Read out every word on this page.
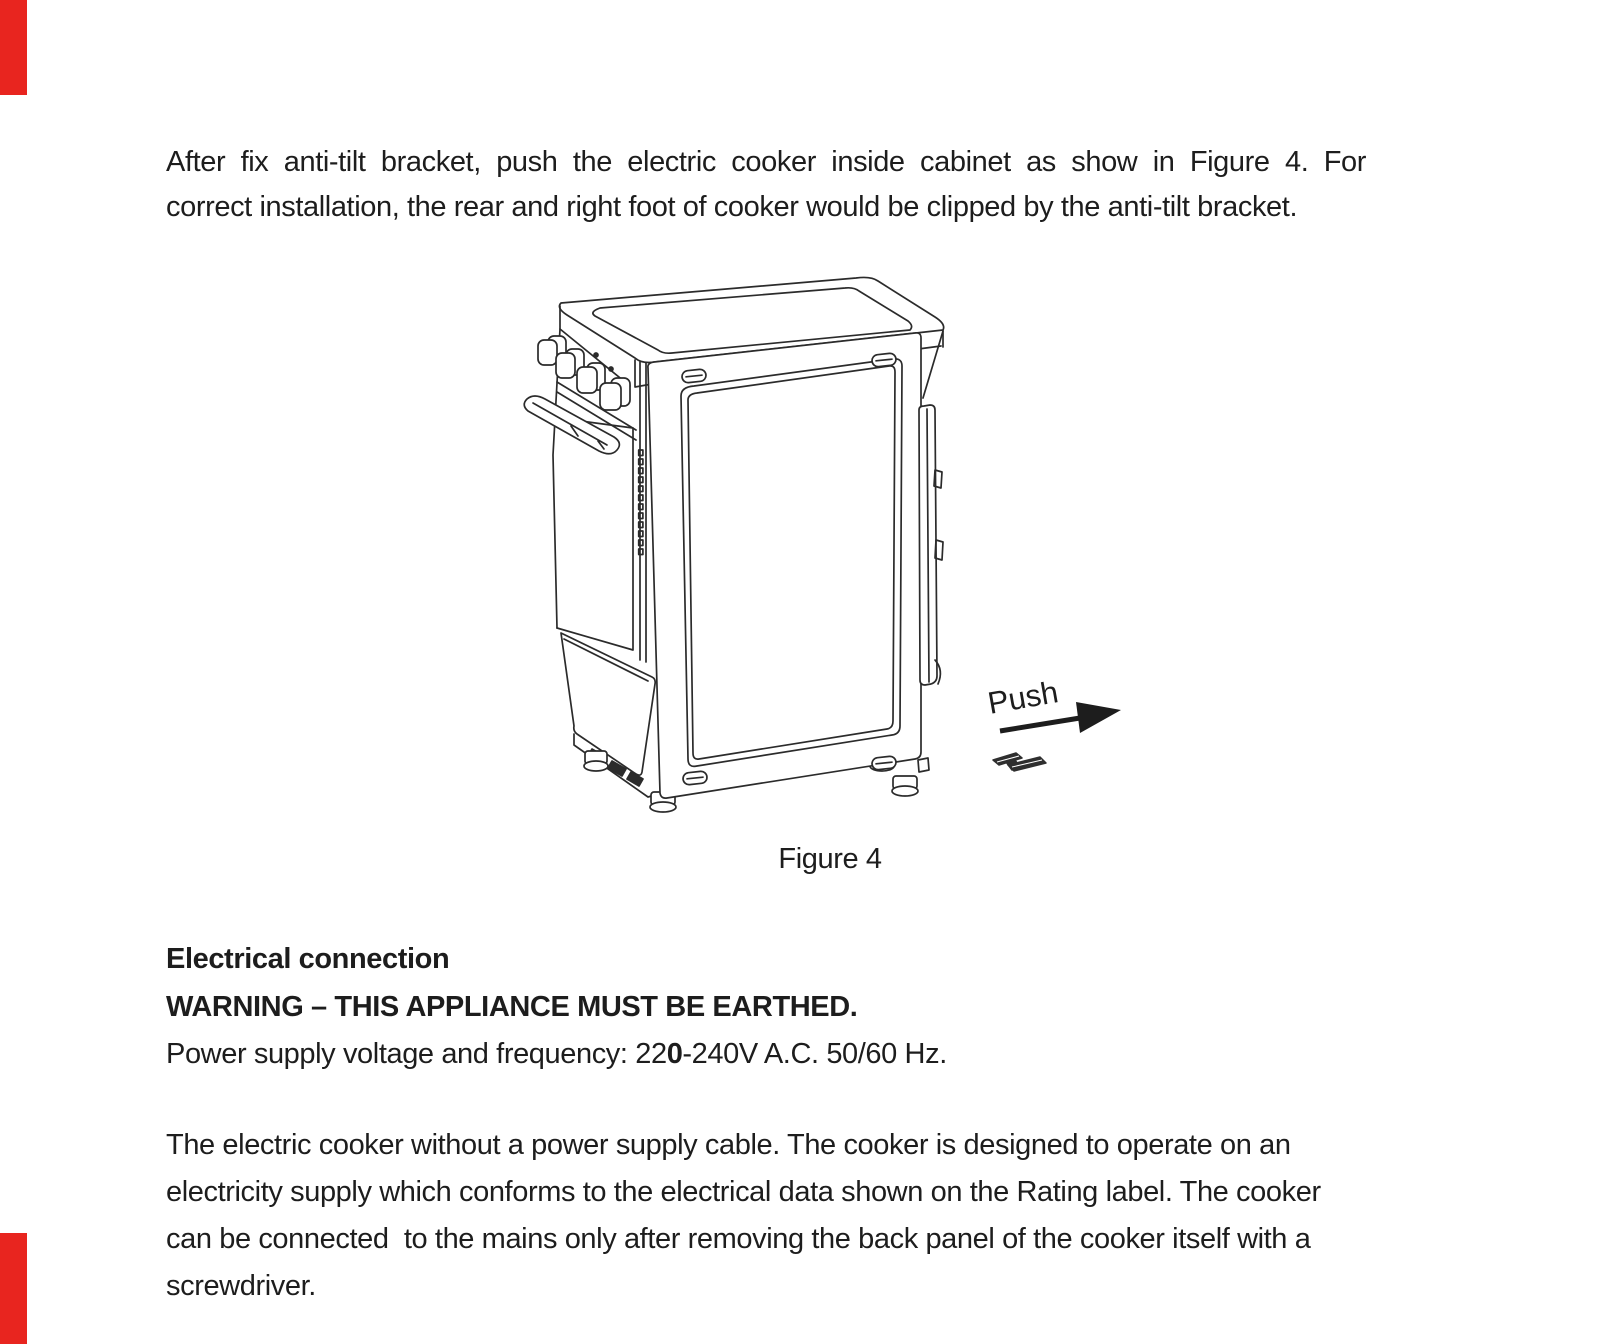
After fix anti-tilt bracket, push the electric cooker inside cabinet as show in Figure 4. For
correct installation, the rear and right foot of cooker would be clipped by the anti-tilt bracket.
Push
Figure 4
Electrical connection
WARNING – THIS APPLIANCE MUST BE EARTHED.
Power supply voltage and frequency: 220-240V A.C. 50/60 Hz.
The electric cooker without a power supply cable. The cooker is designed to operate on an
electricity supply which conforms to the electrical data shown on the Rating label. The cooker
can be connected  to the mains only after removing the back panel of the cooker itself with a
screwdriver.
